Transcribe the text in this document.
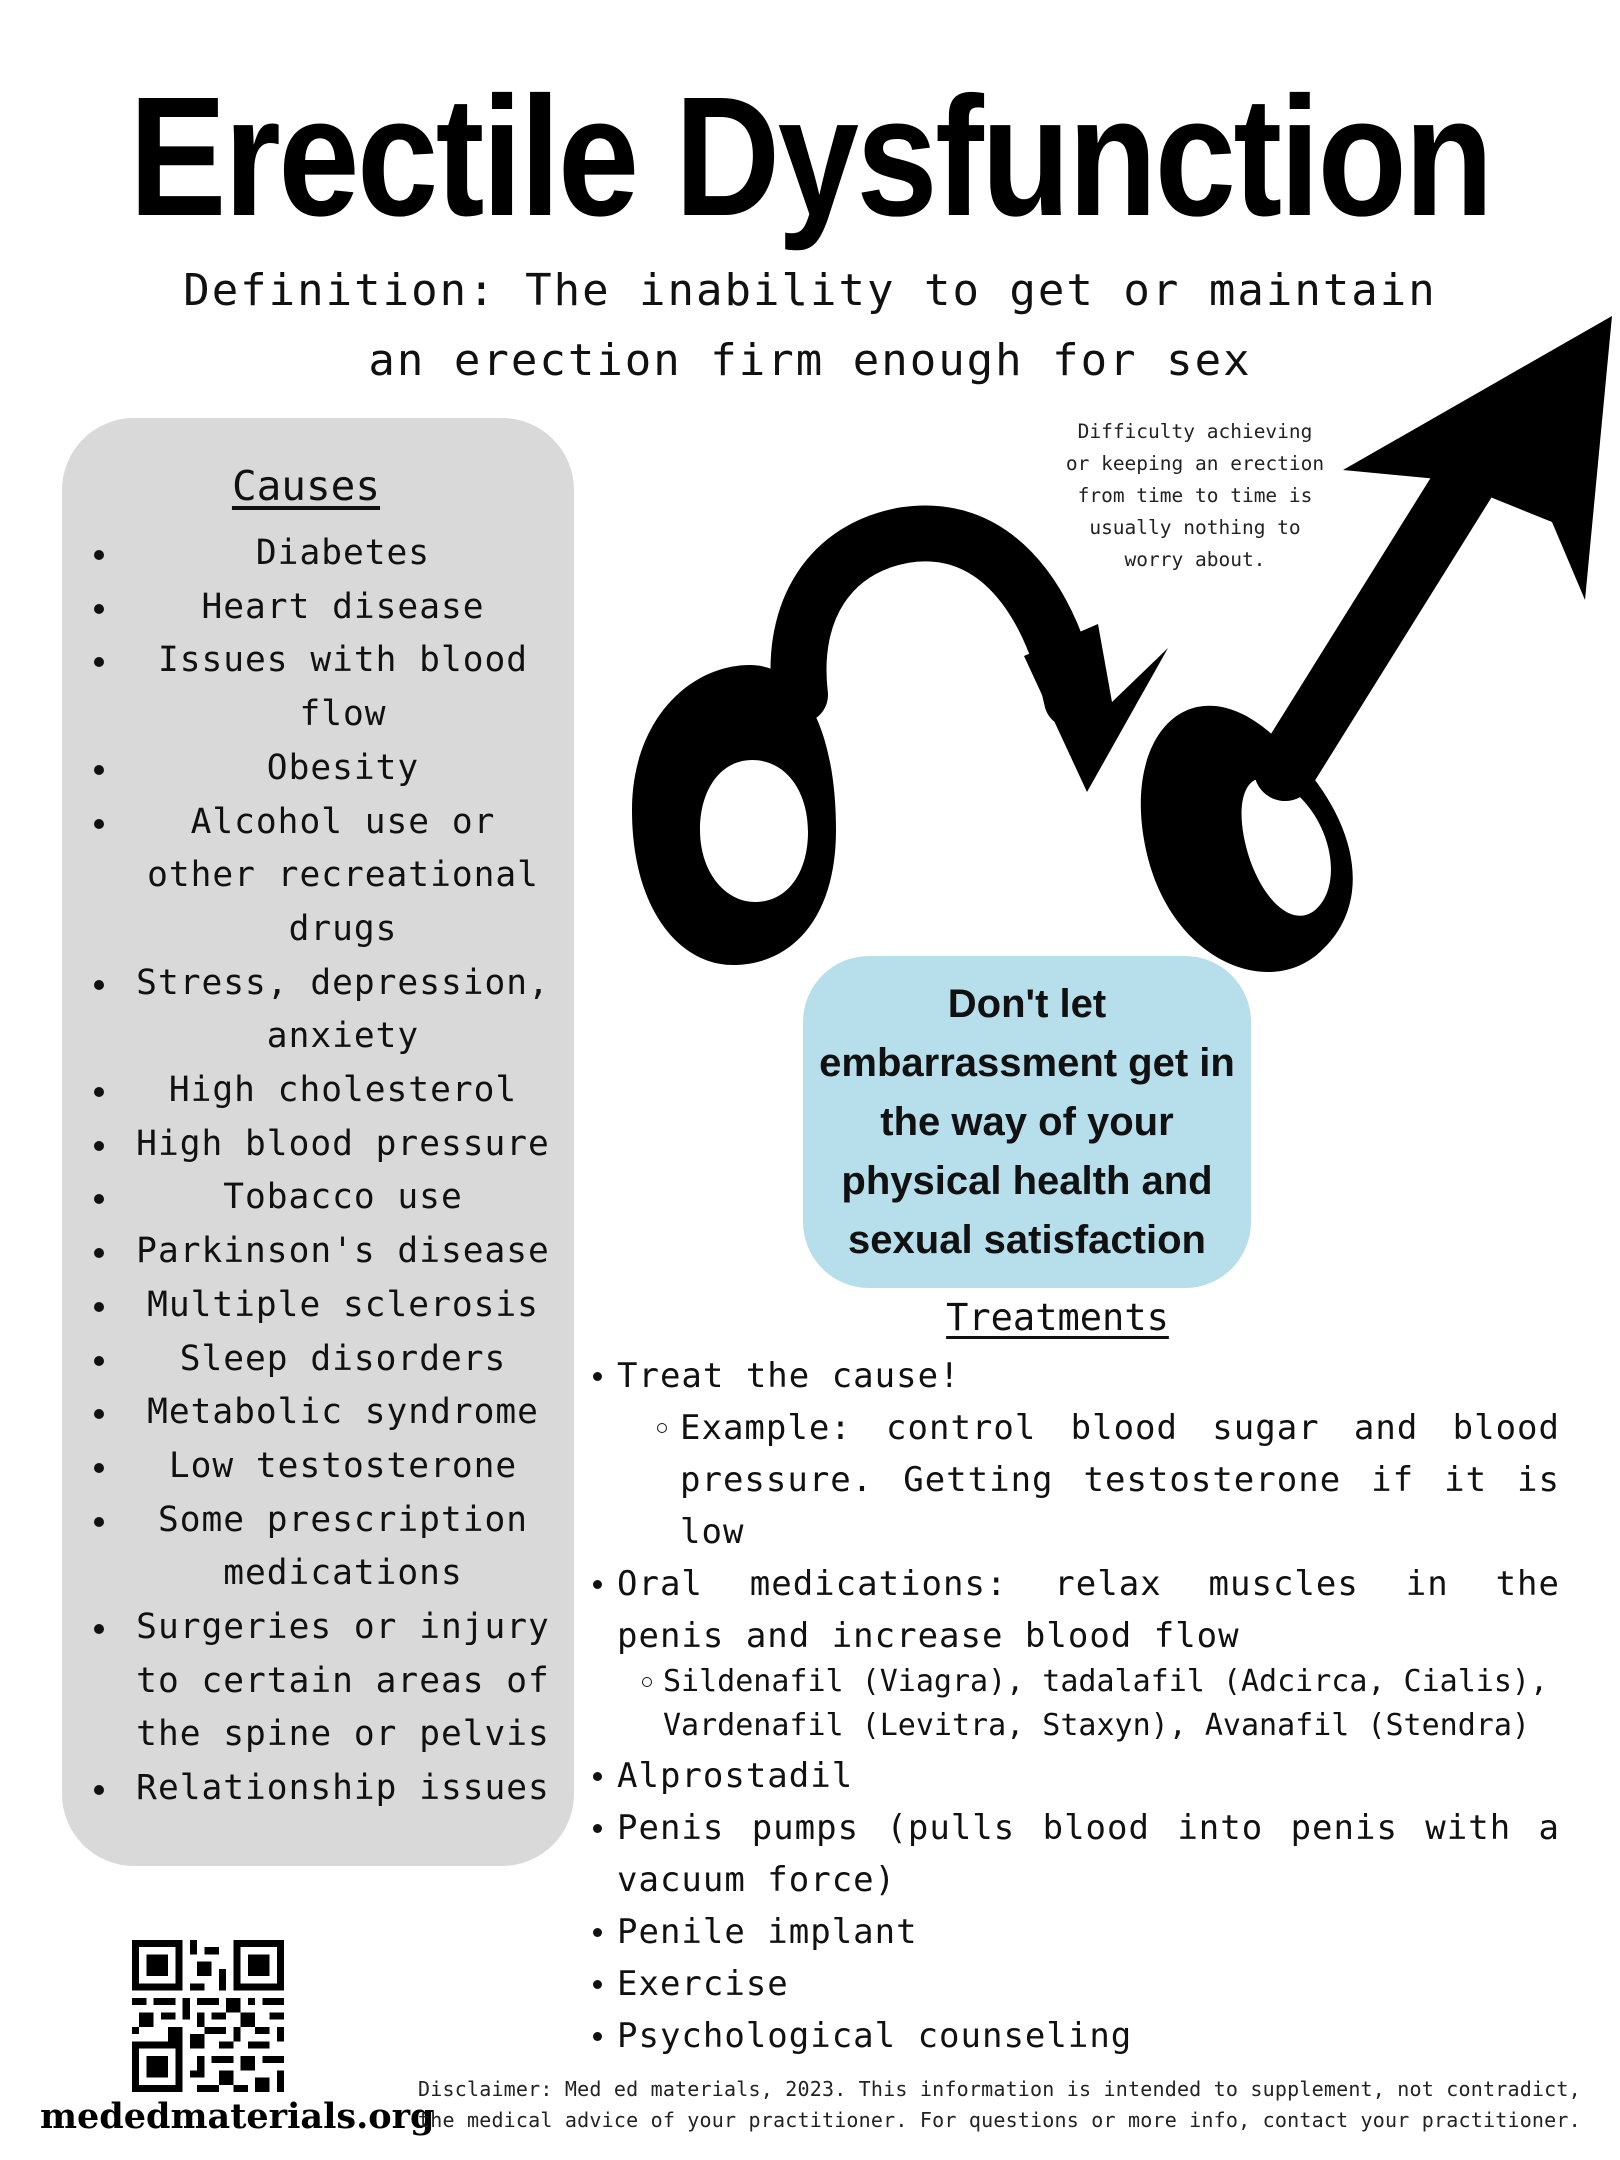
Erectile Dysfunction
Definition: The inability to get or maintain an erection firm enough for sex
Causes
Diabetes
Heart disease
Issues with blood flow
Obesity
Alcohol use or other recreational drugs
Stress, depression, anxiety
High cholesterol
High blood pressure
Tobacco use
Parkinson's disease
Multiple sclerosis
Sleep disorders
Metabolic syndrome
Low testosterone
Some prescription medications
Surgeries or injury to certain areas of the spine or pelvis
Relationship issues
Difficulty achieving or keeping an erection from time to time is usually nothing to worry about.
Don't let embarrassment get in the way of your physical health and sexual satisfaction
Treatments
Treat the cause!
Example: control blood sugar and blood pressure. Getting testosterone if it is low
Oral medications: relax muscles in the penis and increase blood flow
Sildenafil (Viagra), tadalafil (Adcirca, Cialis), Vardenafil (Levitra, Staxyn), Avanafil (Stendra)
Alprostadil
Penis pumps (pulls blood into penis with a vacuum force)
Penile implant
Exercise
Psychological counseling
mededmaterials.org
Disclaimer: Med ed materials, 2023. This information is intended to supplement, not contradict, the medical advice of your practitioner. For questions or more info, contact your practitioner.
